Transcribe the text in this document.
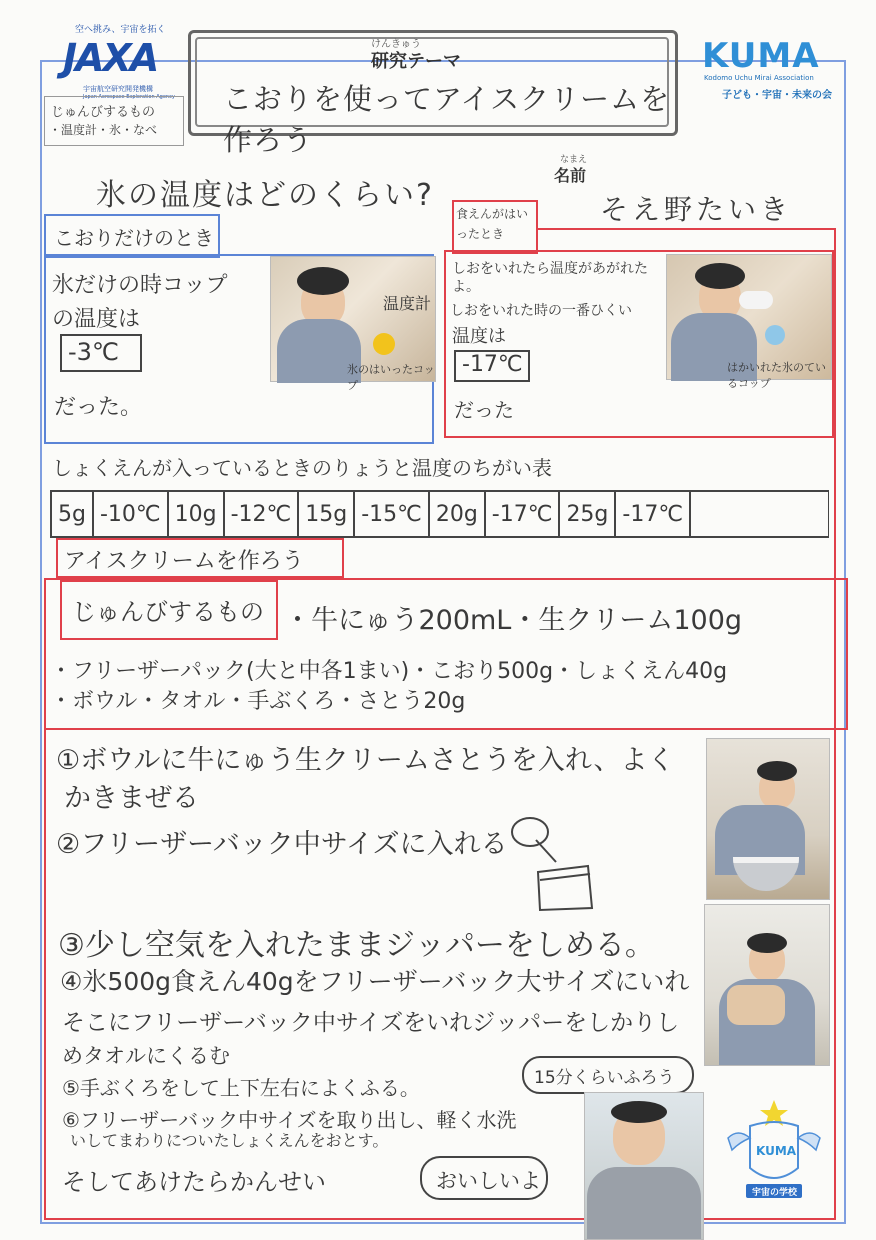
空へ挑み、宇宙を拓く
JAXA
宇宙航空研究開発機構
Japan Aerospace Exploration Agency
けんきゅう
研究テーマ
こおりを使ってアイスクリームを作ろう
KUMA
Kodomo Uchu Mirai Association
子ども・宇宙・未来の会
じゅんびするもの
・温度計・氷・なべ
なまえ
名前
そえ野たいき
氷の温度はどのくらい?
こおりだけのとき
氷だけの時コップ
の温度は
-3℃
だった。
温度計
氷のはいったコップ
食えんがはいったとき
しおをいれたら温度があがれたよ。
しおをいれた時の一番ひくい
温度は
-17℃
だった
はかいれた氷のているコップ
しょくえんが入っているときのりょうと温度のちがい表
5g	-10℃	10g	-12℃	15g	-15℃	20g	-17℃	25g	-17℃	
アイスクリームを作ろう
じゅんびするもの ・牛にゅう200mL・生クリーム100g
・フリーザーパック(大と中各1まい)・こおり500g・しょくえん40g
・ボウル・タオル・手ぶくろ・さとう20g
①ボウルに牛にゅう生クリームさとうを入れ、よく
かきまぜる
②フリーザーバック中サイズに入れる
③少し空気を入れたままジッパーをしめる。
④氷500g食えん40gをフリーザーバック大サイズにいれ
そこにフリーザーバック中サイズをいれジッパーをしかりし
めタオルにくるむ
⑤手ぶくろをして上下左右によくふる。
⑥フリーザーバック中サイズを取り出し、軽く水洗
いしてまわりについたしょくえんをおとす。
そしてあけたらかんせい
15分くらいふろう
おいしいよ
KUMA
宇宙の学校
